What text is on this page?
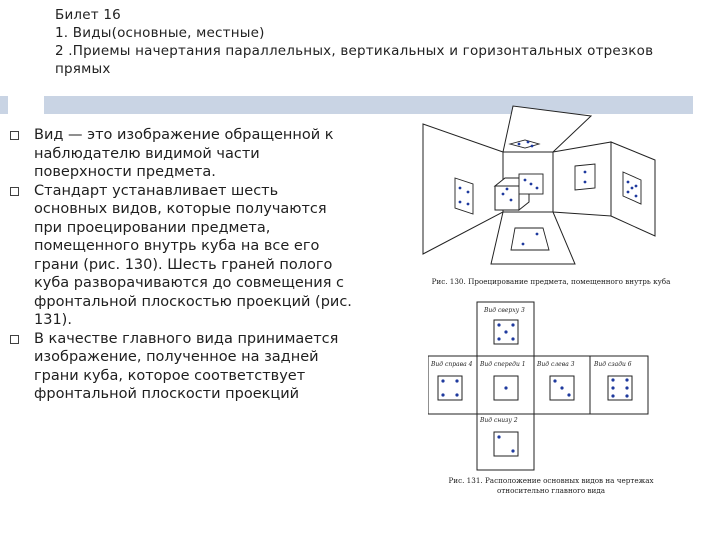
Билет 16
1. Виды(основные, местные)
2 .Приемы начертания параллельных, вертикальных и горизонтальных отрезков
прямых
Вид — это изображение обращенной к наблюдателю видимой части поверхности предмета.
Стандарт устанавливает шесть основных видов, которые получаются при проецировании предмета, помещенного внутрь куба на все его грани (рис. 130). Шесть граней полого куба разворачиваются до совмещения с фронтальной плоскостью проекций (рис. 131).
В качестве главного вида принимается изображение, полученное на задней грани куба, которое соответствует фронтальной плоскости проекций
Рис. 130. Проецирование предмета, помещенного внутрь куба
Вид сверху 3
Вид справа 4 Вид спереди 1 Вид слева 3	Вид сзади 6
Вид снизу 2
Рис. 131. Расположение основных видов на чертежах
относительно главного вида
